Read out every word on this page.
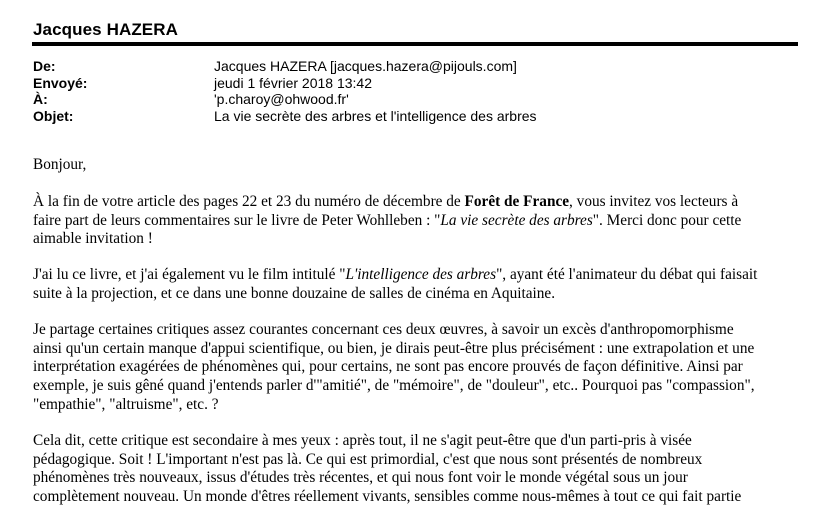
Jacques HAZERA
De:	Jacques HAZERA [jacques.hazera@pijouls.com]
Envoyé:	jeudi 1 février 2018 13:42
À:	'p.charoy@ohwood.fr'
Objet:	La vie secrète des arbres et l'intelligence des arbres

Bonjour,

À la fin de votre article des pages 22 et 23 du numéro de décembre de Forêt de France, vous invitez vos lecteurs à
faire part de leurs commentaires sur le livre de Peter Wohlleben : "La vie secrète des arbres". Merci donc pour cette
aimable invitation !

J'ai lu ce livre, et j'ai également vu le film intitulé "L'intelligence des arbres", ayant été l'animateur du débat qui faisait
suite à la projection, et ce dans une bonne douzaine de salles de cinéma en Aquitaine.

Je partage certaines critiques assez courantes concernant ces deux œuvres, à savoir un excès d'anthropomorphisme
ainsi qu'un certain manque d'appui scientifique, ou bien, je dirais peut-être plus précisément : une extrapolation et une
interprétation exagérées de phénomènes qui, pour certains, ne sont pas encore prouvés de façon définitive. Ainsi par
exemple, je suis gêné quand j'entends parler d'"amitié", de "mémoire", de "douleur", etc.. Pourquoi pas "compassion",
"empathie", "altruisme", etc. ?

Cela dit, cette critique est secondaire à mes yeux : après tout, il ne s'agit peut-être que d'un parti-pris à visée
pédagogique. Soit ! L'important n'est pas là. Ce qui est primordial, c'est que nous sont présentés de nombreux
phénomènes très nouveaux, issus d'études très récentes, et qui nous font voir le monde végétal sous un jour
complètement nouveau. Un monde d'êtres réellement vivants, sensibles comme nous-mêmes à tout ce qui fait partie
